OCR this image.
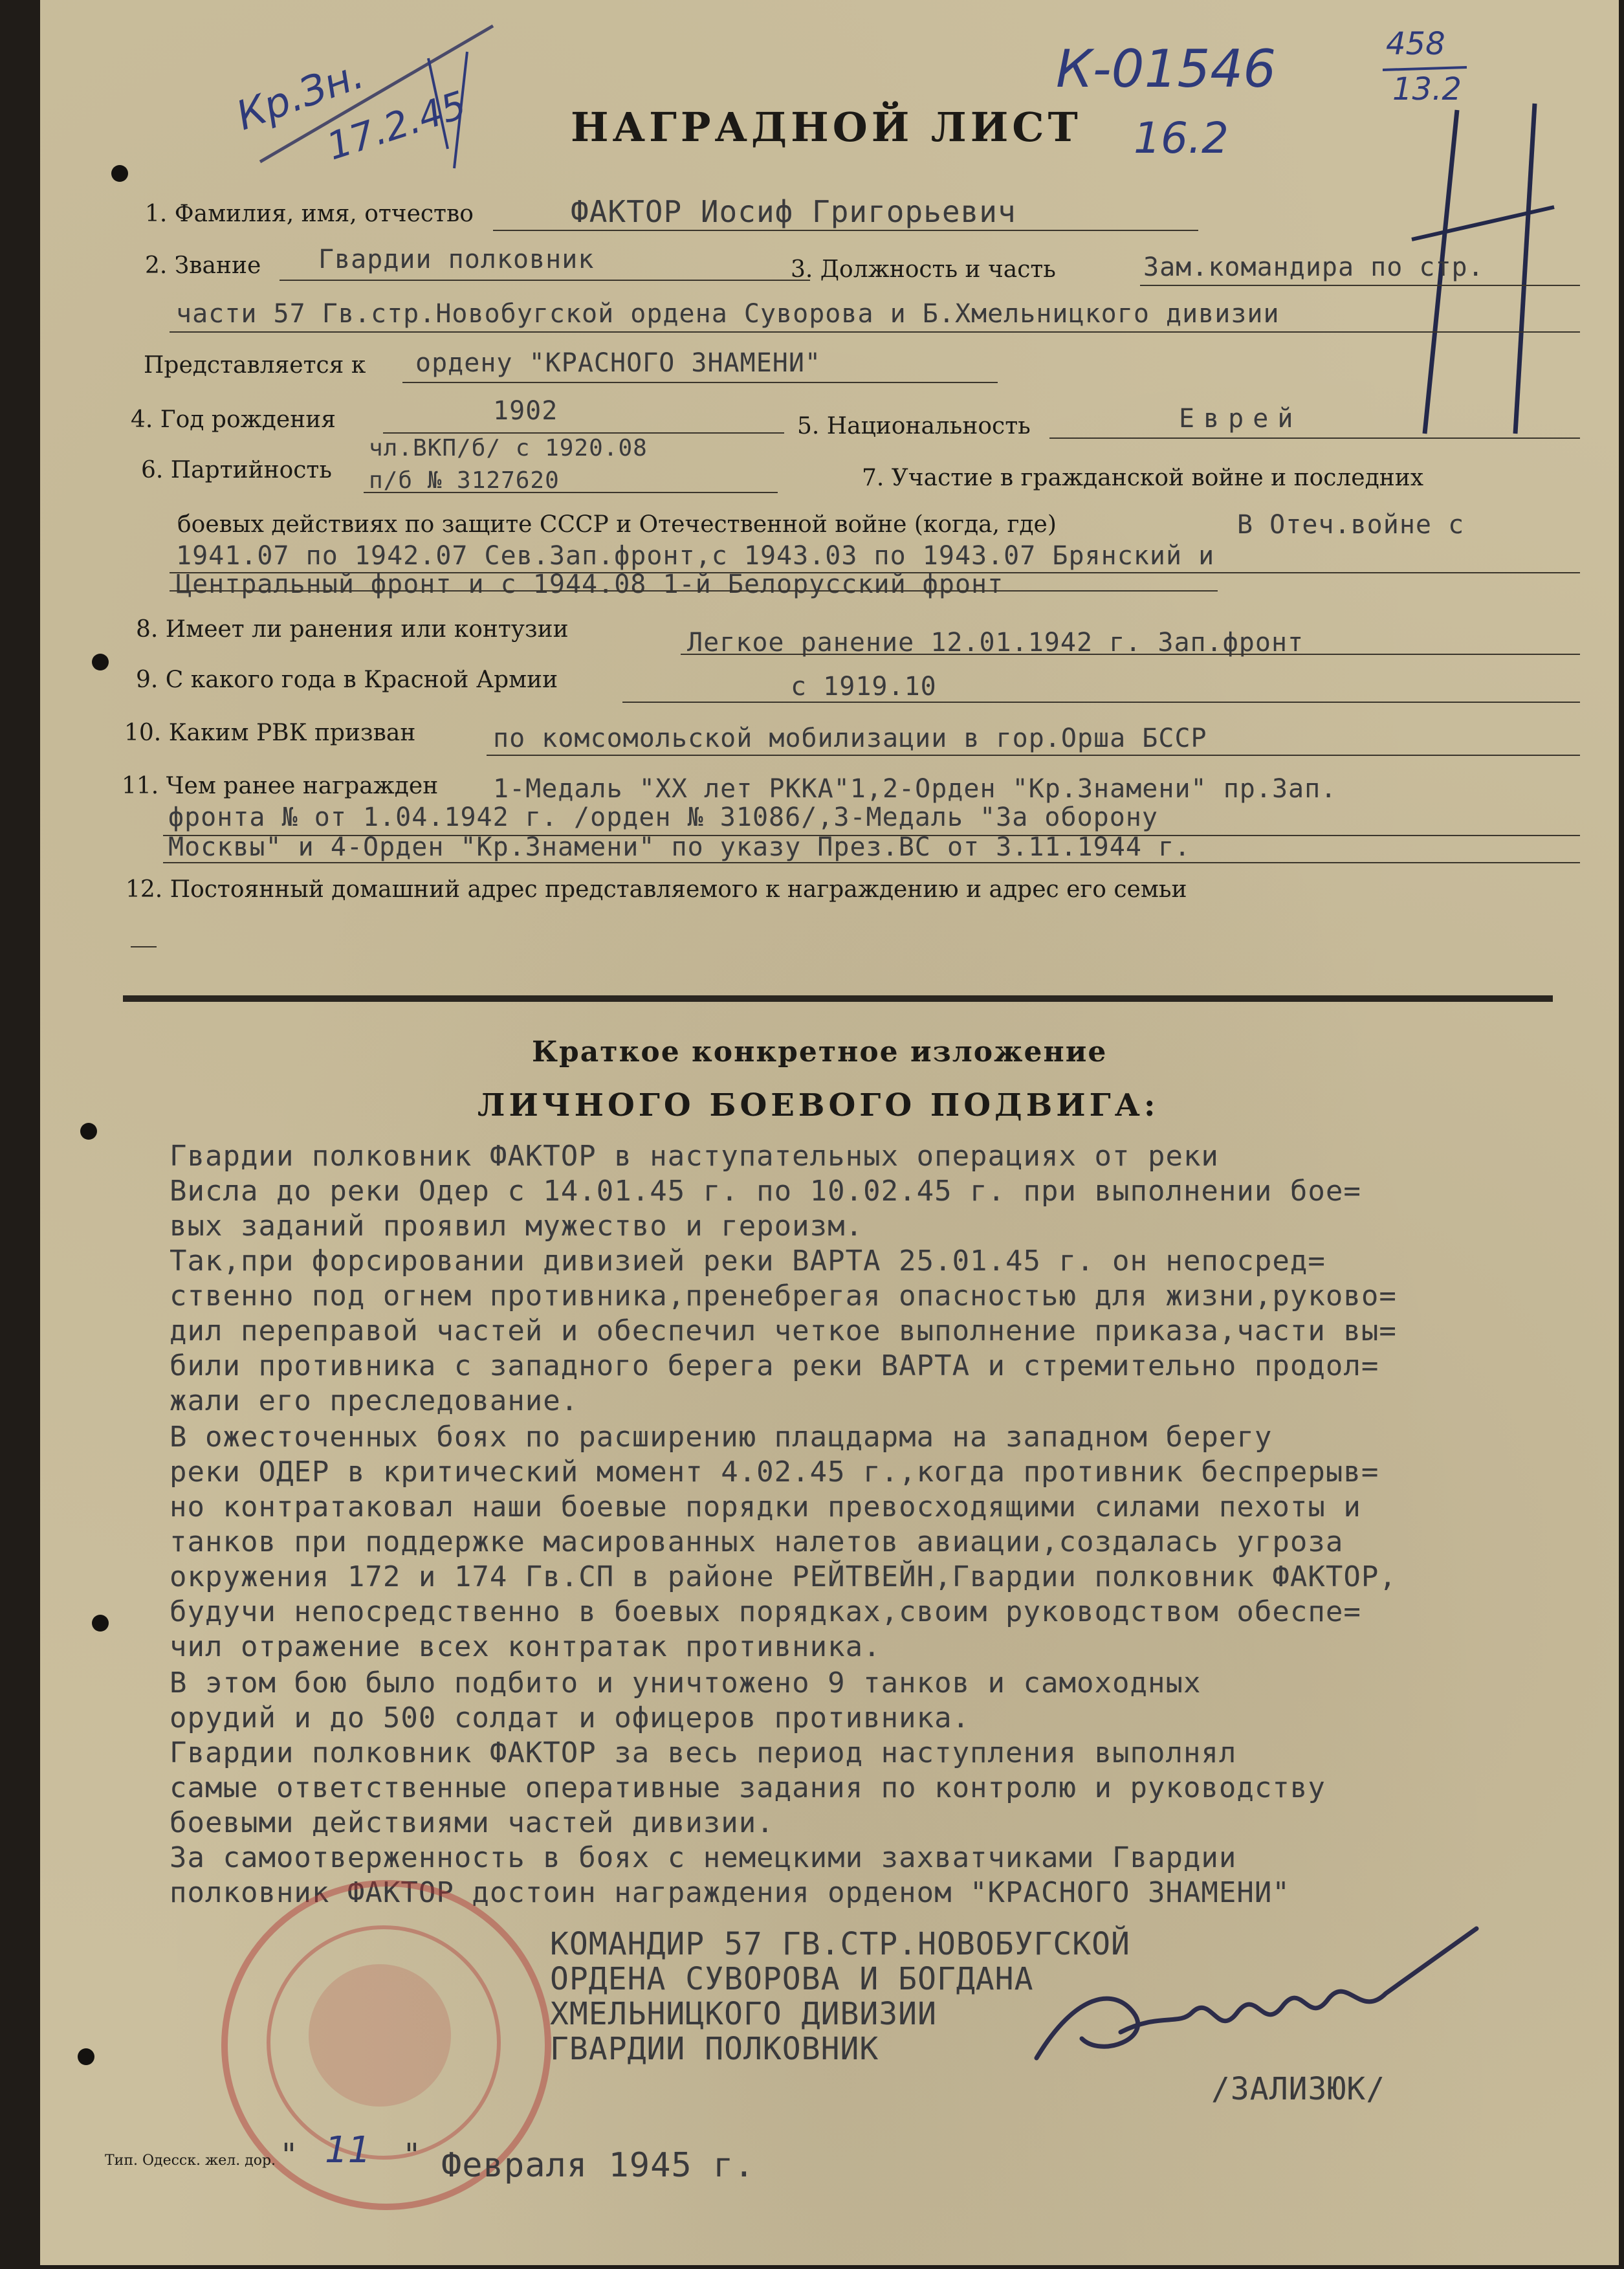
Кр.Зн.
17.2.45
К-01546
16.2
458
13.2
НАГРАДНОЙ ЛИСТ
1. Фамилия, имя, отчество	ФАКТОР Иосиф Григорьевич
2. Звание Гвардии полковник	3. Должность и часть	Зам.командира по стр.
части 57 Гв.стр.Новобугской ордена Суворова и Б.Хмельницкого дивизии
Представляется к ордену "КРАСНОГО ЗНАМЕНИ"
4. Год рождения	1902
5. Национальность	Еврей
6. Партийность
чл.ВКП/б/ с 1920.08
п/б № 3127620	7. Участие в гражданской войне и последних
боевых действиях по защите СССР и Отечественной войне (когда, где)	В Отеч.войне с
1941.07 по 1942.07 Сев.Зап.фронт,с 1943.03 по 1943.07 Брянский и
Центральный фронт и с 1944.08 1-й Белорусский фронт
8. Имеет ли ранения или контузии	Легкое ранение 12.01.1942 г. Зап.фронт
9. С какого года в Красной Армии	с 1919.10
10. Каким РВК призван	по комсомольской мобилизации в гор.Орша БССР
11. Чем ранее награжден 1-Медаль "XX лет РККА"1,2-Орден "Кр.Знамени" пр.Зап.
фронта № от 1.04.1942 г. /орден № 31086/,3-Медаль "За оборону
Москвы" и 4-Орден "Кр.Знамени" по указу През.ВС от 3.11.1944 г.
12. Постоянный домашний адрес представляемого к награждению и адрес его семьи
Краткое конкретное изложение
ЛИЧНОГО БОЕВОГО ПОДВИГА:
Гвардии полковник ФАКТОР в наступательных операциях от реки
Висла до реки Одер с 14.01.45 г. по 10.02.45 г. при выполнении бое=
вых заданий проявил мужество и героизм.
Так,при форсировании дивизией реки ВАРТА 25.01.45 г. он непосред=
ственно под огнем противника,пренебрегая опасностью для жизни,руково=
дил переправой частей и обеспечил четкое выполнение приказа,части вы=
били противника с западного берега реки ВАРТА и стремительно продол=
жали его преследование.
В ожесточенных боях по расширению плацдарма на западном берегу
реки ОДЕР в критический момент 4.02.45 г.,когда противник беспрерыв=
но контратаковал наши боевые порядки превосходящими силами пехоты и
танков при поддержке масированных налетов авиации,создалась угроза
окружения 172 и 174 Гв.СП в районе РЕЙТВЕЙН,Гвардии полковник ФАКТОР,
будучи непосредственно в боевых порядках,своим руководством обеспе=
чил отражение всех контратак противника.
В этом бою было подбито и уничтожено 9 танков и самоходных
орудий и до 500 солдат и офицеров противника.
Гвардии полковник ФАКТОР за весь период наступления выполнял
самые ответственные оперативные задания по контролю и руководству
боевыми действиями частей дивизии.
За самоотверженность в боях с немецкими захватчиками Гвардии
полковник ФАКТОР достоин награждения орденом "КРАСНОГО ЗНАМЕНИ"
КОМАНДИР 57 ГВ.СТР.НОВОБУГСКОЙ
ОРДЕНА СУВОРОВА И БОГДАНА
ХМЕЛЬНИЦКОГО ДИВИЗИИ
ГВАРДИИ ПОЛКОВНИК
/ЗАЛИЗЮК/
" 11 " Февраля 1945 г.
Тип. Одесск. жел. дор.
